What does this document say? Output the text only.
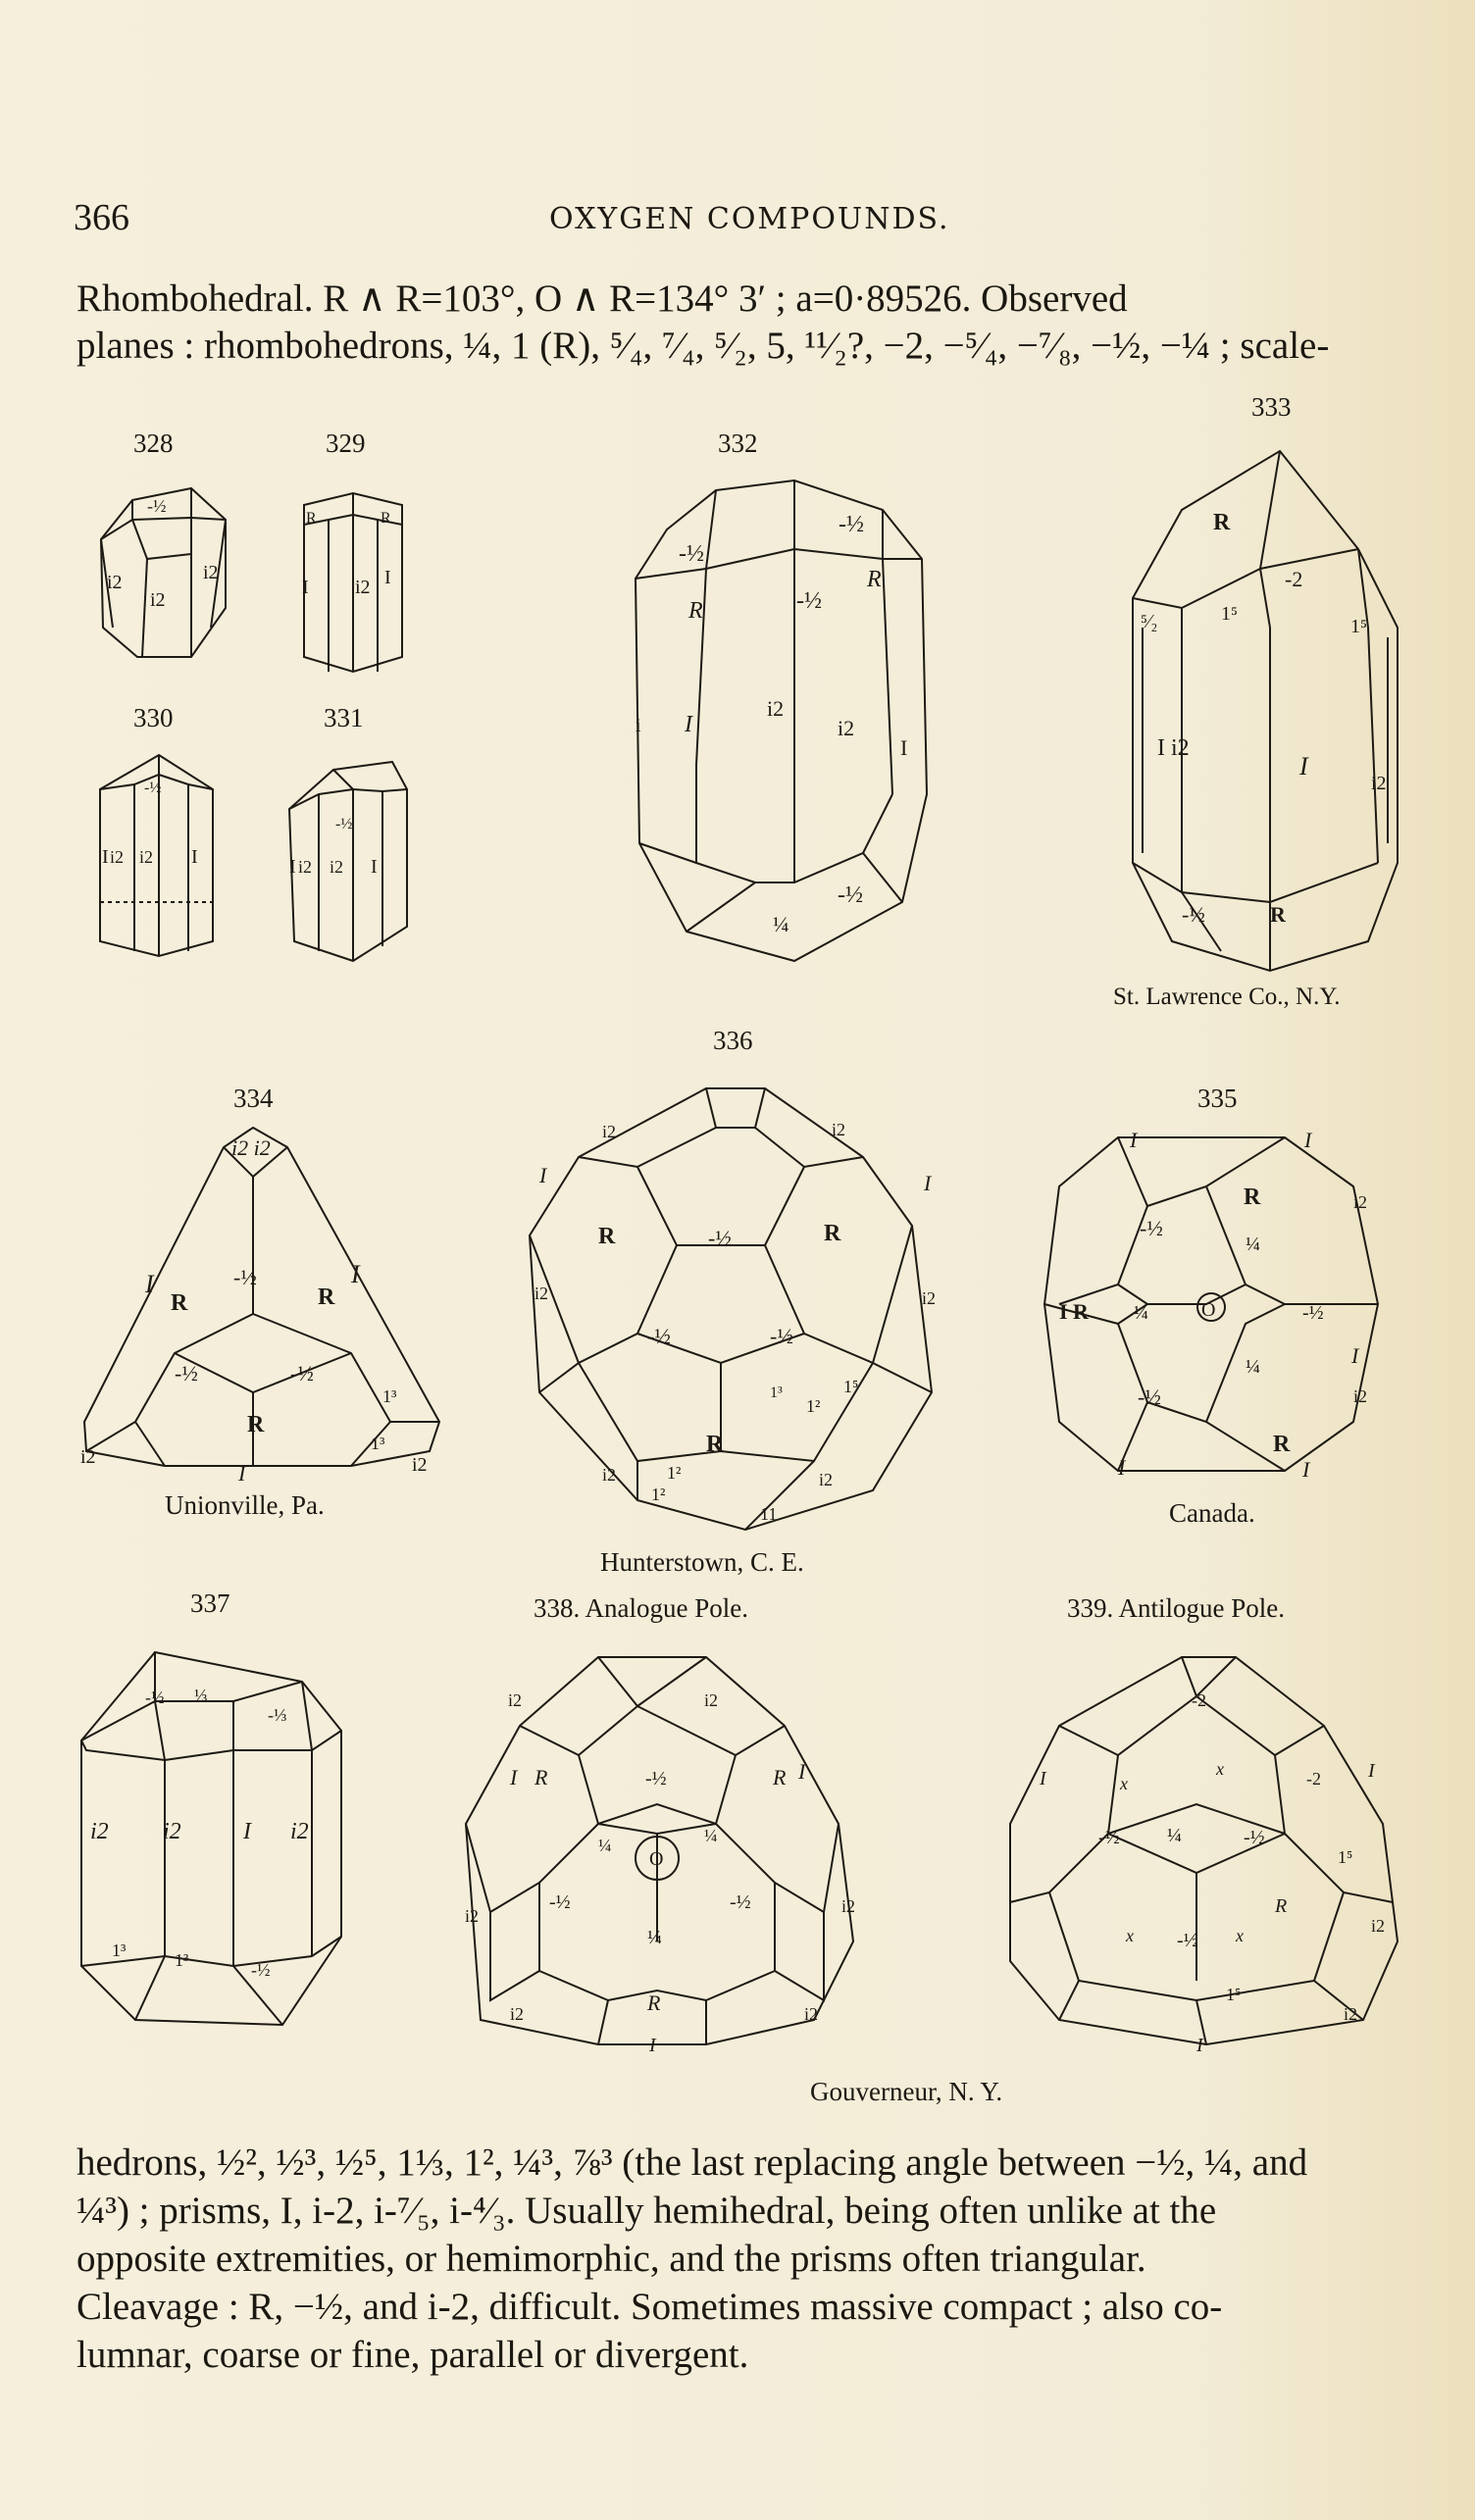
366	OXYGEN COMPOUNDS.
Rhombohedral. R ∧ R=103°, O ∧ R=134° 3′ ; a=0·89526. Observed
planes : rhombohedrons, ¼, 1 (R), ⁵⁄₄, ⁷⁄₄, ⁵⁄₂, 5, ¹¹⁄₂?, −2, −⁵⁄₄, −⁷⁄₈, −½, −¼ ; scale-
328	329	332
333
330	331
336
334	335
337	338. Analogue Pole.	339. Antilogue Pole.
St. Lawrence Co., N.Y.
Unionville, Pa.	Canada.
Hunterstown, C. E.
Gouverneur, N. Y.
-½
i2
i2
i2
R	R
I i2 I
-½
I i2 i2 I
-½
I i2 i2 I
-½
-½
R
R	-½
I
i2
i2
i
I
-½
¼
R
-2
1⁵
⁵⁄₂	1⁵
I i2
I
i2
-½	R
i2 i2
I
R
-½
R
I
-½	-½
R
1³
1³
i2
I	i2
R	-½	R
-½	-½
R
i2	i2
i2	i2
I	I
1⁵
1²
1³
1²
i2	i2
1²
11
-½
R
¼
I R ¼	O	-½
¼
-½
R
I	I
I
i2
i2
I	I
-½ ⅓
-⅓
i2 i2	I i2
1³	1³	-½
i2	i2
I R	-½	R I
¼	¼
O
-½	-½
¼
i2	i2
R
i2	i2
I
-2
x
x	-2
-½ ¼	-½
R
-½
x	x
1⁵
i2
I
I
1⁵
i2
I
hedrons, ½², ½³, ½⁵, 1⅓, 1², ¼³, ⅞³ (the last replacing angle between −½, ¼, and
¼³) ; prisms, I, i-2, i-⁷⁄₅, i-⁴⁄₃. Usually hemihedral, being often unlike at the
opposite extremities, or hemimorphic, and the prisms often triangular.
Cleavage : R, −½, and i-2, difficult. Sometimes massive compact ; also co-
lumnar, coarse or fine, parallel or divergent.
